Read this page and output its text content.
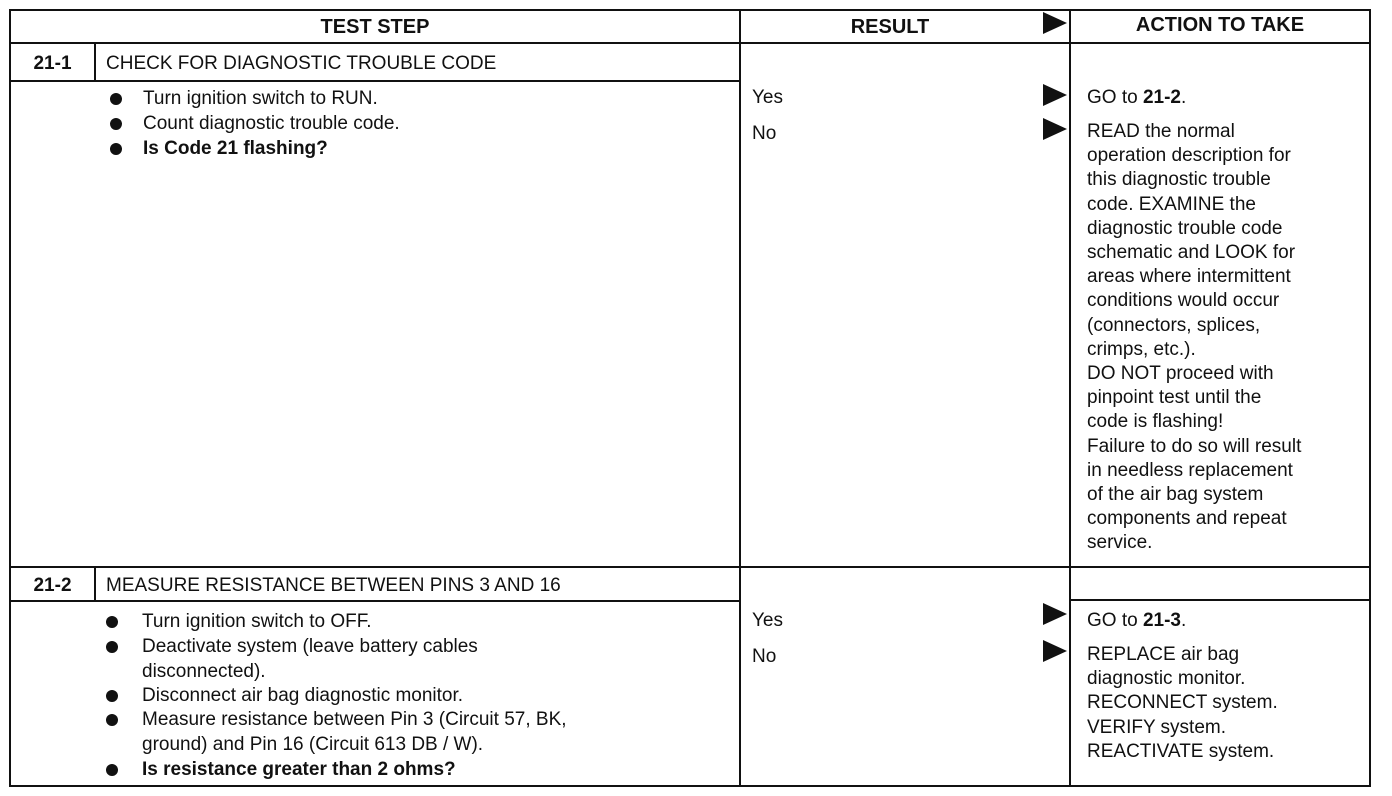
TEST STEP	RESULT	ACTION TO TAKE
21-1	CHECK FOR DIAGNOSTIC TROUBLE CODE
Turn ignition switch to RUN.
Count diagnostic trouble code.
Is Code 21 flashing?
Yes	GO to 21-2.
No	READ the normal
operation description for
this diagnostic trouble
code. EXAMINE the
diagnostic trouble code
schematic and LOOK for
areas where intermittent
conditions would occur
(connectors, splices,
crimps, etc.).
DO NOT proceed with
pinpoint test until the
code is flashing!
Failure to do so will result
in needless replacement
of the air bag system
components and repeat
service.
21-2	MEASURE RESISTANCE BETWEEN PINS 3 AND 16
Turn ignition switch to OFF.
Deactivate system (leave battery cables
disconnected).
Disconnect air bag diagnostic monitor.
Measure resistance between Pin 3 (Circuit 57, BK,
ground) and Pin 16 (Circuit 613 DB / W).
Is resistance greater than 2 ohms?
Yes	GO to 21-3.
No	REPLACE air bag
diagnostic monitor.
RECONNECT system.
VERIFY system.
REACTIVATE system.
